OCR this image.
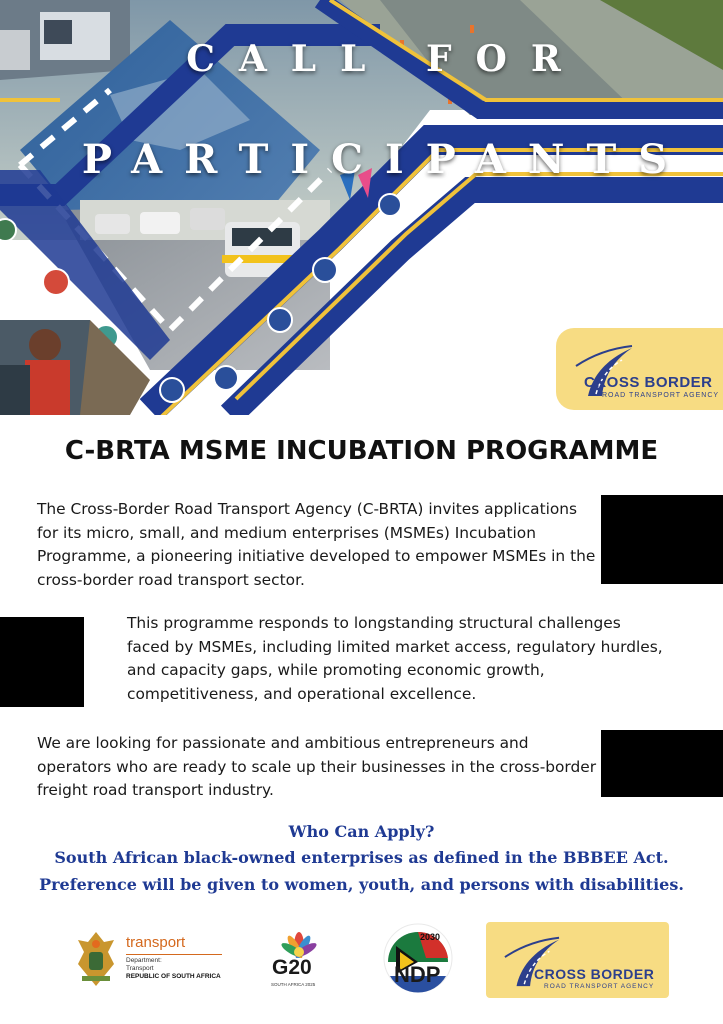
CALL FOR

PARTICIPANTS

CROSS BORDER
ROAD TRANSPORT AGENCY
C-BRTA MSME INCUBATION PROGRAMME

The Cross-Border Road Transport Agency (C-BRTA) invites applications for its micro, small, and medium enterprises (MSMEs) Incubation Programme, a pioneering initiative developed to empower MSMEs in the cross-border road transport sector.

This programme responds to longstanding structural challenges faced by MSMEs, including limited market access, regulatory hurdles, and capacity gaps, while promoting economic growth, competitiveness, and operational excellence.

We are looking for passionate and ambitious entrepreneurs and operators who are ready to scale up their businesses in the cross-border freight road transport industry.

Who Can Apply?

South African black-owned enterprises as defined in the BBBEE Act.

Preference will be given to women, youth, and persons with disabilities.

transport
Department:
Transport
REPUBLIC OF SOUTH AFRICA G20
SOUTH AFRICA 2025
2030
NDP	CROSS BORDER
ROAD TRANSPORT AGENCY
